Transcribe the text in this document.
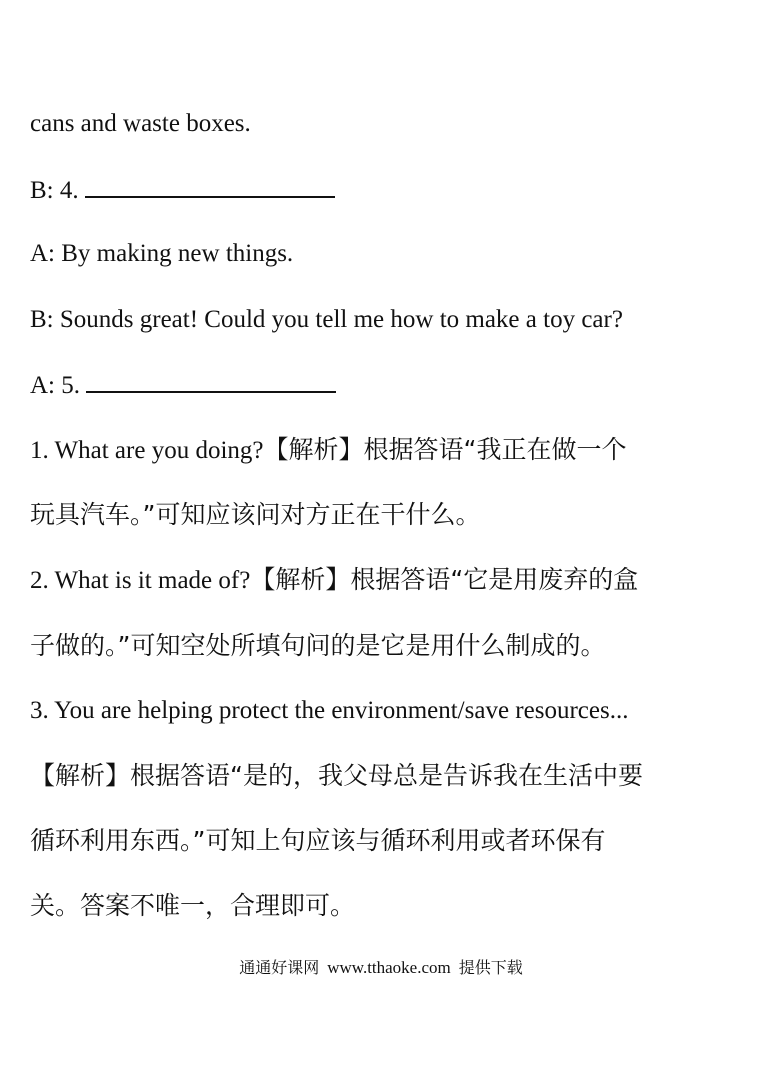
cans and waste boxes.
B: 4.
A: By making new things.
B: Sounds great! Could you tell me how to make a toy car?
A: 5.
1. What are you doing?【解析】根据答语“我正在做一个
玩具汽车。”可知应该问对方正在干什么。
2. What is it made of?【解析】根据答语“它是用废弃的盒
子做的。”可知空处所填句问的是它是用什么制成的。
3. You are helping protect the environment/save resources...
【解析】根据答语“是的，我父母总是告诉我在生活中要
循环利用东西。”可知上句应该与循环利用或者环保有
关。答案不唯一，合理即可。
通通好课网 www.tthaoke.com 提供下载
